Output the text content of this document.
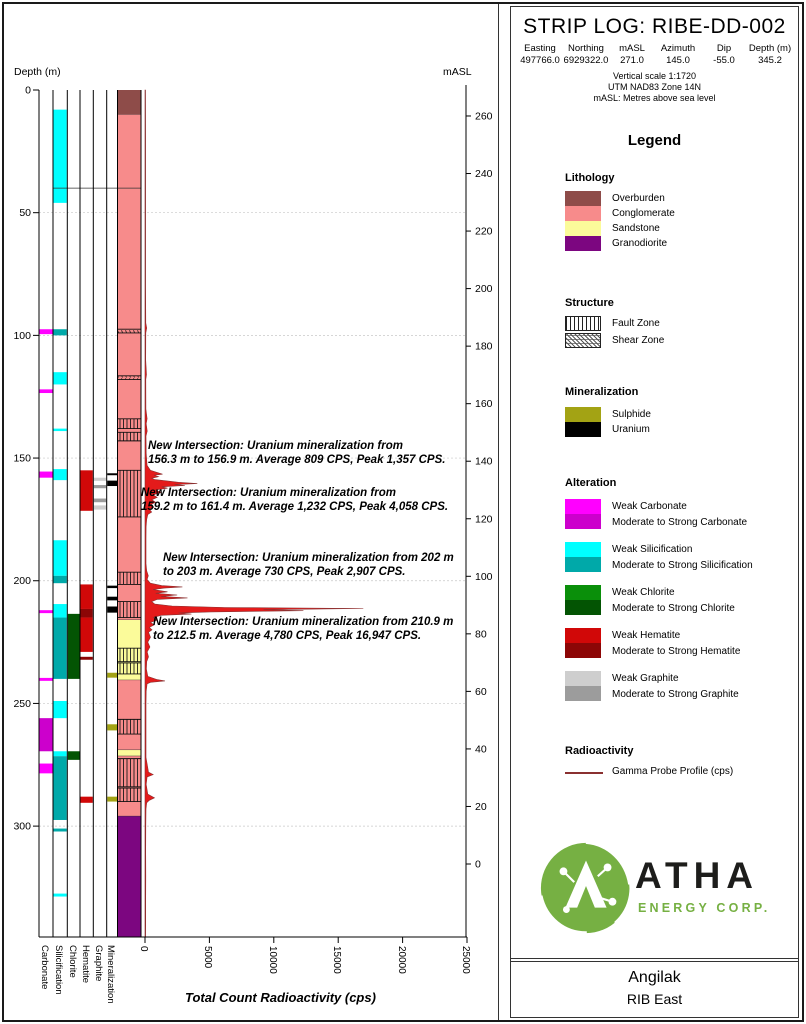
0
50
100
150
200
250
300
260
240
220
200
180
160
140
120
100
80
60
40
20
0
Depth (m)	mASL
New Intersection: Uranium mineralization from
156.3 m to 156.9 m. Average 809 CPS, Peak 1,357 CPS.
New Intersection: Uranium mineralization from
159.2 m to 161.4 m. Average 1,232 CPS, Peak 4,058 CPS.
New Intersection: Uranium mineralization from 202 m
to 203 m. Average 730 CPS, Peak 2,907 CPS.
New Intersection: Uranium mineralization from 210.9 m
to 212.5 m. Average 4,780 CPS, Peak 16,947 CPS.
Carbonate Silicification Chlorite Hematite Graphite Mineralization	Total Count Radioactivity (cps)
0	5000	10000	15000	20000	25000
STRIP LOG: RIBE-DD-002
Easting	Northing	mASL	Azimuth	Dip	Depth (m)
497766.0 6929322.0	271.0	145.0	-55.0	345.2
Vertical scale 1:1720
UTM NAD83 Zone 14N
mASL: Metres above sea level
Legend
Lithology
Overburden
Conglomerate
Sandstone
Granodiorite
Structure
Fault Zone
Shear Zone
Mineralization
Sulphide
Uranium
Alteration
Weak Carbonate
Moderate to Strong Carbonate
Weak Silicification
Moderate to Strong Silicification
Weak Chlorite
Moderate to Strong Chlorite
Weak Hematite
Moderate to Strong Hematite
Weak Graphite
Moderate to Strong Graphite
Radioactivity
Gamma Probe Profile (cps)
ATHA
ENERGY CORP.
Angilak
RIB East
